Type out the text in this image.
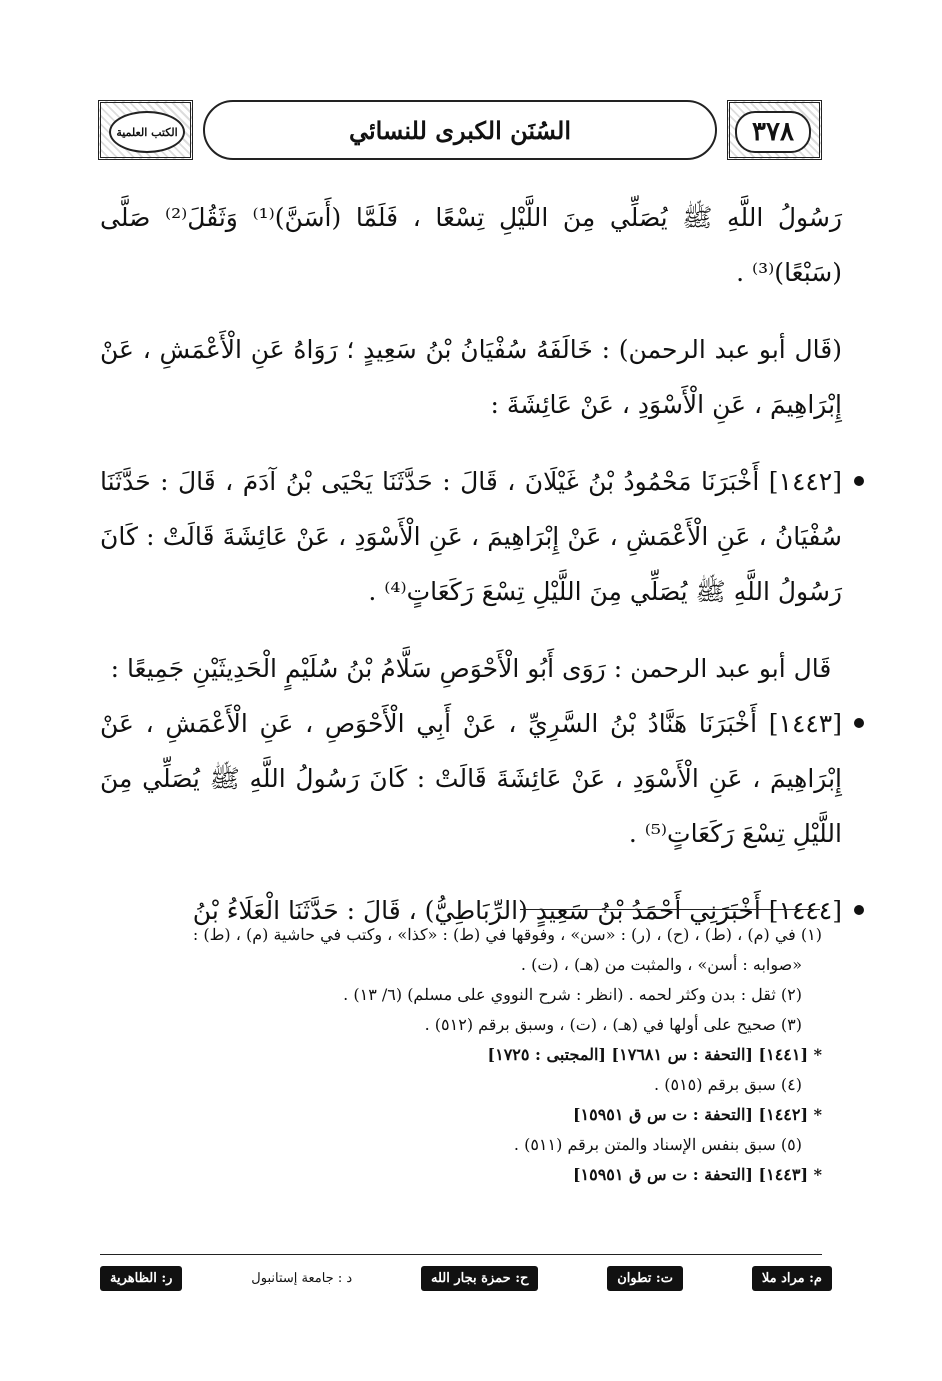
٣٧٨
السُنَن الكبرى للنسائي
الكتب العلمية

رَسُولُ اللَّهِ ﷺ يُصَلِّي مِنَ اللَّيْلِ تِسْعًا ، فَلَمَّا (أَسَنَّ)⁽¹⁾ وَثَقُلَ⁽²⁾ صَلَّى (سَبْعًا)⁽³⁾ .

(قَال أبو عبد الرحمن) : خَالَفَهُ سُفْيَانُ بْنُ سَعِيدٍ ؛ رَوَاهُ عَنِ الْأَعْمَشِ ، عَنْ إِبْرَاهِيمَ ، عَنِ الْأَسْوَدِ ، عَنْ عَائِشَةَ :

[١٤٤٢] أَخْبَرَنَا مَحْمُودُ بْنُ غَيْلَانَ ، قَالَ : حَدَّثَنَا يَحْيَى بْنُ آدَمَ ، قَالَ : حَدَّثَنَا سُفْيَانُ ، عَنِ الْأَعْمَشِ ، عَنْ إِبْرَاهِيمَ ، عَنِ الْأَسْوَدِ ، عَنْ عَائِشَةَ قَالَتْ : كَانَ رَسُولُ اللَّهِ ﷺ يُصَلِّي مِنَ اللَّيْلِ تِسْعَ رَكَعَاتٍ⁽⁴⁾ .

قَال أبو عبد الرحمن : رَوَى أَبُو الْأَحْوَصِ سَلَّامُ بْنُ سُلَيْمٍ الْحَدِيثَيْنِ جَمِيعًا :

[١٤٤٣] أَخْبَرَنَا هَنَّادُ بْنُ السَّرِيِّ ، عَنْ أَبِي الْأَحْوَصِ ، عَنِ الْأَعْمَشِ ، عَنْ إِبْرَاهِيمَ ، عَنِ الْأَسْوَدِ ، عَنْ عَائِشَةَ قَالَتْ : كَانَ رَسُولُ اللَّهِ ﷺ يُصَلِّي مِنَ اللَّيْلِ تِسْعَ رَكَعَاتٍ⁽⁵⁾ .
[١٤٤٤] أَخْبَرَنِي أَحْمَدُ بْنُ سَعِيدٍ (الرِّبَاطِيُّ) ، قَالَ : حَدَّثَنَا الْعَلَاءُ بْنُ

(١) في (م) ، (ط) ، (ح) ، (ر) : «سن» ، وفوقها في (ط) : «كذا» ، وكتب في حاشية (م) ، (ط) :

«صوابه : أسن» ، والمثبت من (هـ) ، (ت) .

(٢) ثقل : بدن وكثر لحمه . (انظر : شرح النووي على مسلم) (٦/ ١٣) .

(٣) صحيح على أولها في (هـ) ، (ت) ، وسبق برقم (٥١٢) .

* [١٤٤١] [التحفة : س ١٧٦٨١] [المجتبى : ١٧٢٥]

(٤) سبق برقم (٥١٥) .

* [١٤٤٢] [التحفة : ت س ق ١٥٩٥١]

(٥) سبق بنفس الإسناد والمتن برقم (٥١١) .

* [١٤٤٣] [التحفة : ت س ق ١٥٩٥١]

م: مراد ملا
ت: تطوان
ح: حمزة بجار الله
د : جامعة إستانبول
ر: الظاهرية
